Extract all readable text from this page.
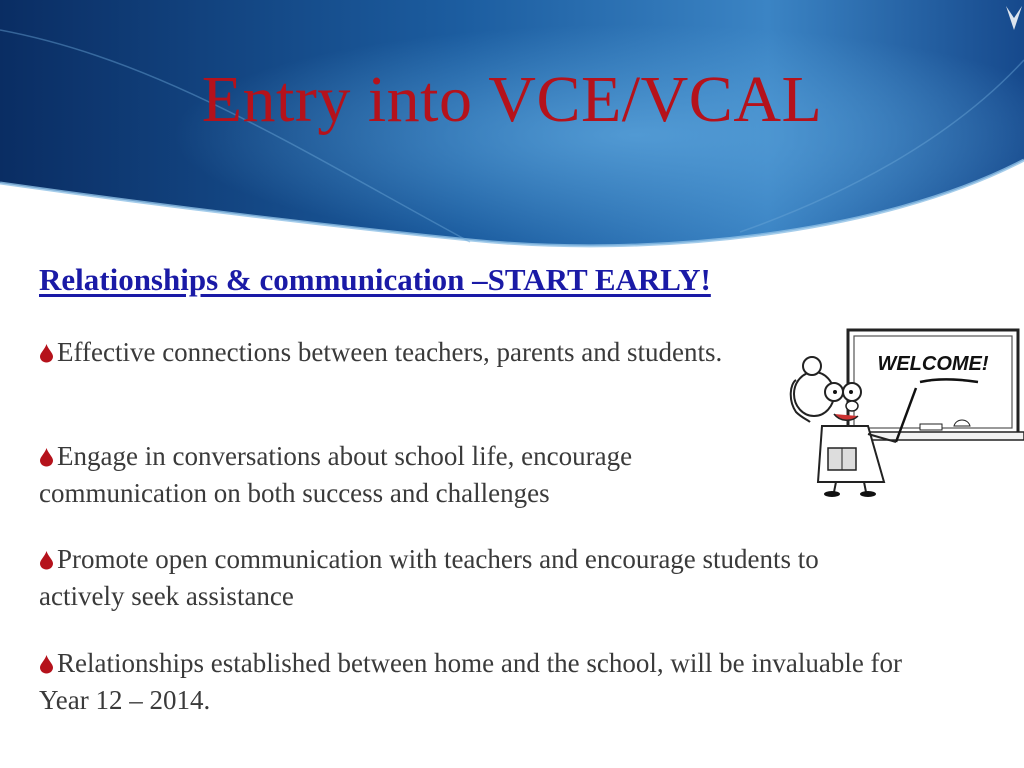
Entry into VCE/VCAL
Relationships & communication –START EARLY!
Effective connections between teachers, parents and students.
Engage in conversations about school life, encourage communication on both success and challenges
Promote open communication with teachers and encourage students to actively seek assistance
Relationships established between home and the school, will be invaluable for Year 12 – 2014.
WELCOME!
